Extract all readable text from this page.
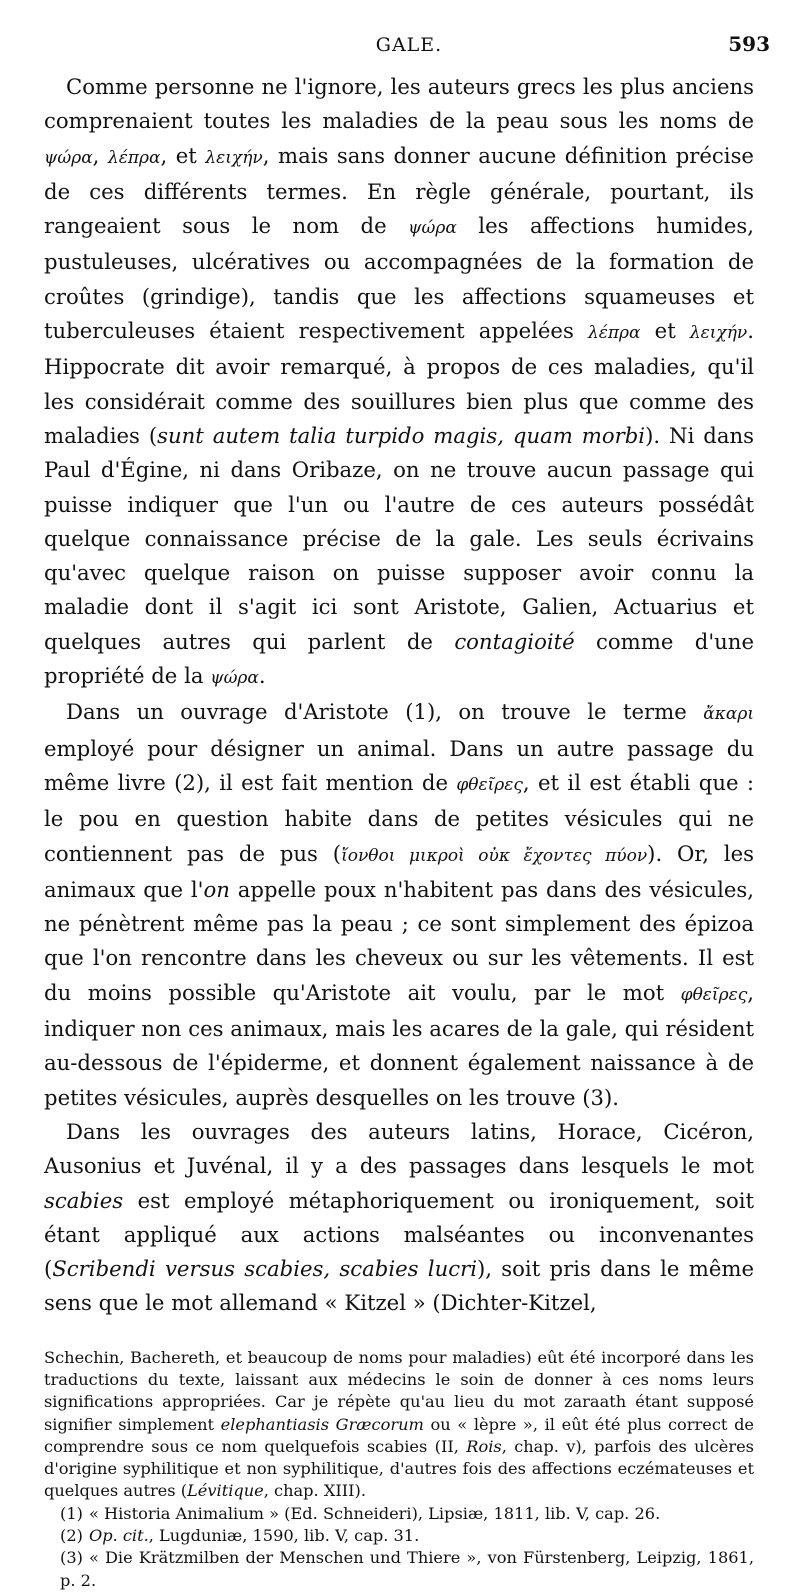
GALE.	593

Comme personne ne l'ignore, les auteurs grecs les plus anciens comprenaient toutes les maladies de la peau sous les noms de ψώρα, λέπρα, et λειχήν, mais sans donner aucune définition précise de ces différents termes. En règle générale, pourtant, ils rangeaient sous le nom de ψώρα les affections humides, pustuleuses, ulcératives ou accompagnées de la formation de croûtes (grindige), tandis que les affections squameuses et tuberculeuses étaient respectivement appelées λέπρα et λειχήν. Hippocrate dit avoir remarqué, à propos de ces maladies, qu'il les considérait comme des souillures bien plus que comme des maladies (sunt autem talia turpido magis, quam morbi). Ni dans Paul d'Égine, ni dans Oribaze, on ne trouve aucun passage qui puisse indiquer que l'un ou l'autre de ces auteurs possédât quelque connaissance précise de la gale. Les seuls écrivains qu'avec quelque raison on puisse supposer avoir connu la maladie dont il s'agit ici sont Aristote, Galien, Actuarius et quelques autres qui parlent de contagioité comme d'une propriété de la ψώρα.

Dans un ouvrage d'Aristote (1), on trouve le terme ἄκαρι employé pour désigner un animal. Dans un autre passage du même livre (2), il est fait mention de φθεῖρες, et il est établi que : le pou en question habite dans de petites vésicules qui ne contiennent pas de pus (ἴονθοι μικροὶ οὐκ ἔχοντες πύον). Or, les animaux que l'on appelle poux n'habitent pas dans des vésicules, ne pénètrent même pas la peau ; ce sont simplement des épizoa que l'on rencontre dans les cheveux ou sur les vêtements. Il est du moins possible qu'Aristote ait voulu, par le mot φθεῖρες, indiquer non ces animaux, mais les acares de la gale, qui résident au-dessous de l'épiderme, et donnent également naissance à de petites vésicules, auprès desquelles on les trouve (3).

Dans les ouvrages des auteurs latins, Horace, Cicéron, Ausonius et Juvénal, il y a des passages dans lesquels le mot scabies est employé métaphoriquement ou ironiquement, soit étant appliqué aux actions malséantes ou inconvenantes (Scribendi versus scabies, scabies lucri), soit pris dans le même sens que le mot allemand « Kitzel » (Dichter-Kitzel,

Schechin, Bachereth, et beaucoup de noms pour maladies) eût été incorporé dans les traductions du texte, laissant aux médecins le soin de donner à ces noms leurs significations appropriées. Car je répète qu'au lieu du mot zaraath étant supposé signifier simplement elephantiasis Græcorum ou « lèpre », il eût été plus correct de comprendre sous ce nom quelquefois scabies (II, Rois, chap. v), parfois des ulcères d'origine syphilitique et non syphilitique, d'autres fois des affections eczémateuses et quelques autres (Lévitique, chap. XIII).

(1) « Historia Animalium » (Ed. Schneideri), Lipsiæ, 1811, lib. V, cap. 26.

(2) Op. cit., Lugduniæ, 1590, lib. V, cap. 31.

(3) « Die Krätzmilben der Menschen und Thiere », von Fürstenberg, Leipzig, 1861, p. 2.
